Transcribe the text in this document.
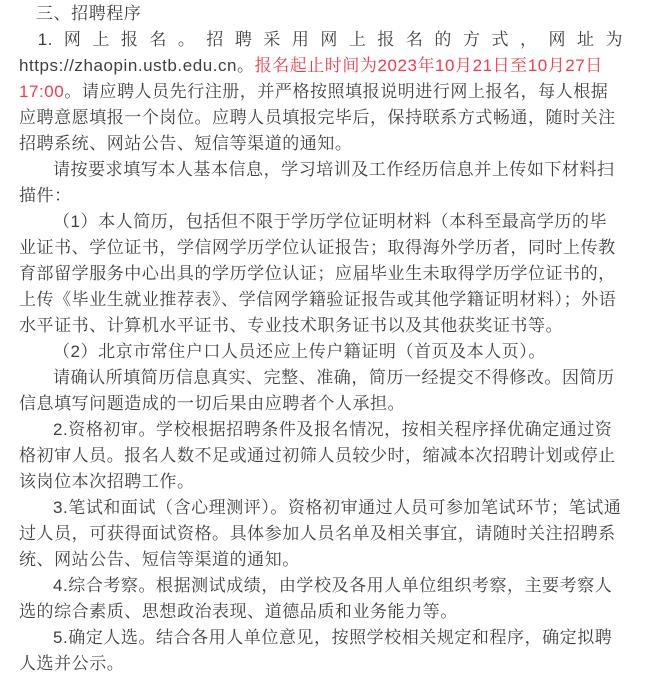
三、招聘程序

1.网上报名。招聘采用网上报名的方式，网址为https://zhaopin.ustb.edu.cn。报名起止时间为2023年10月21日至10月27日17:00。请应聘人员先行注册，并严格按照填报说明进行网上报名，每人根据应聘意愿填报一个岗位。应聘人员填报完毕后，保持联系方式畅通，随时关注招聘系统、网站公告、短信等渠道的通知。

请按要求填写本人基本信息，学习培训及工作经历信息并上传如下材料扫描件：

（1）本人简历，包括但不限于学历学位证明材料（本科至最高学历的毕业证书、学位证书，学信网学历学位认证报告；取得海外学历者，同时上传教育部留学服务中心出具的学历学位认证；应届毕业生未取得学历学位证书的，上传《毕业生就业推荐表》、学信网学籍验证报告或其他学籍证明材料）；外语水平证书、计算机水平证书、专业技术职务证书以及其他获奖证书等。

（2）北京市常住户口人员还应上传户籍证明（首页及本人页）。

请确认所填简历信息真实、完整、准确，简历一经提交不得修改。因简历信息填写问题造成的一切后果由应聘者个人承担。

2.资格初审。学校根据招聘条件及报名情况，按相关程序择优确定通过资格初审人员。报名人数不足或通过初筛人员较少时，缩减本次招聘计划或停止该岗位本次招聘工作。

3.笔试和面试（含心理测评）。资格初审通过人员可参加笔试环节；笔试通过人员，可获得面试资格。具体参加人员名单及相关事宜，请随时关注招聘系统、网站公告、短信等渠道的通知。

4.综合考察。根据测试成绩，由学校及各用人单位组织考察，主要考察人选的综合素质、思想政治表现、道德品质和业务能力等。

5.确定人选。结合各用人单位意见，按照学校相关规定和程序，确定拟聘人选并公示。
